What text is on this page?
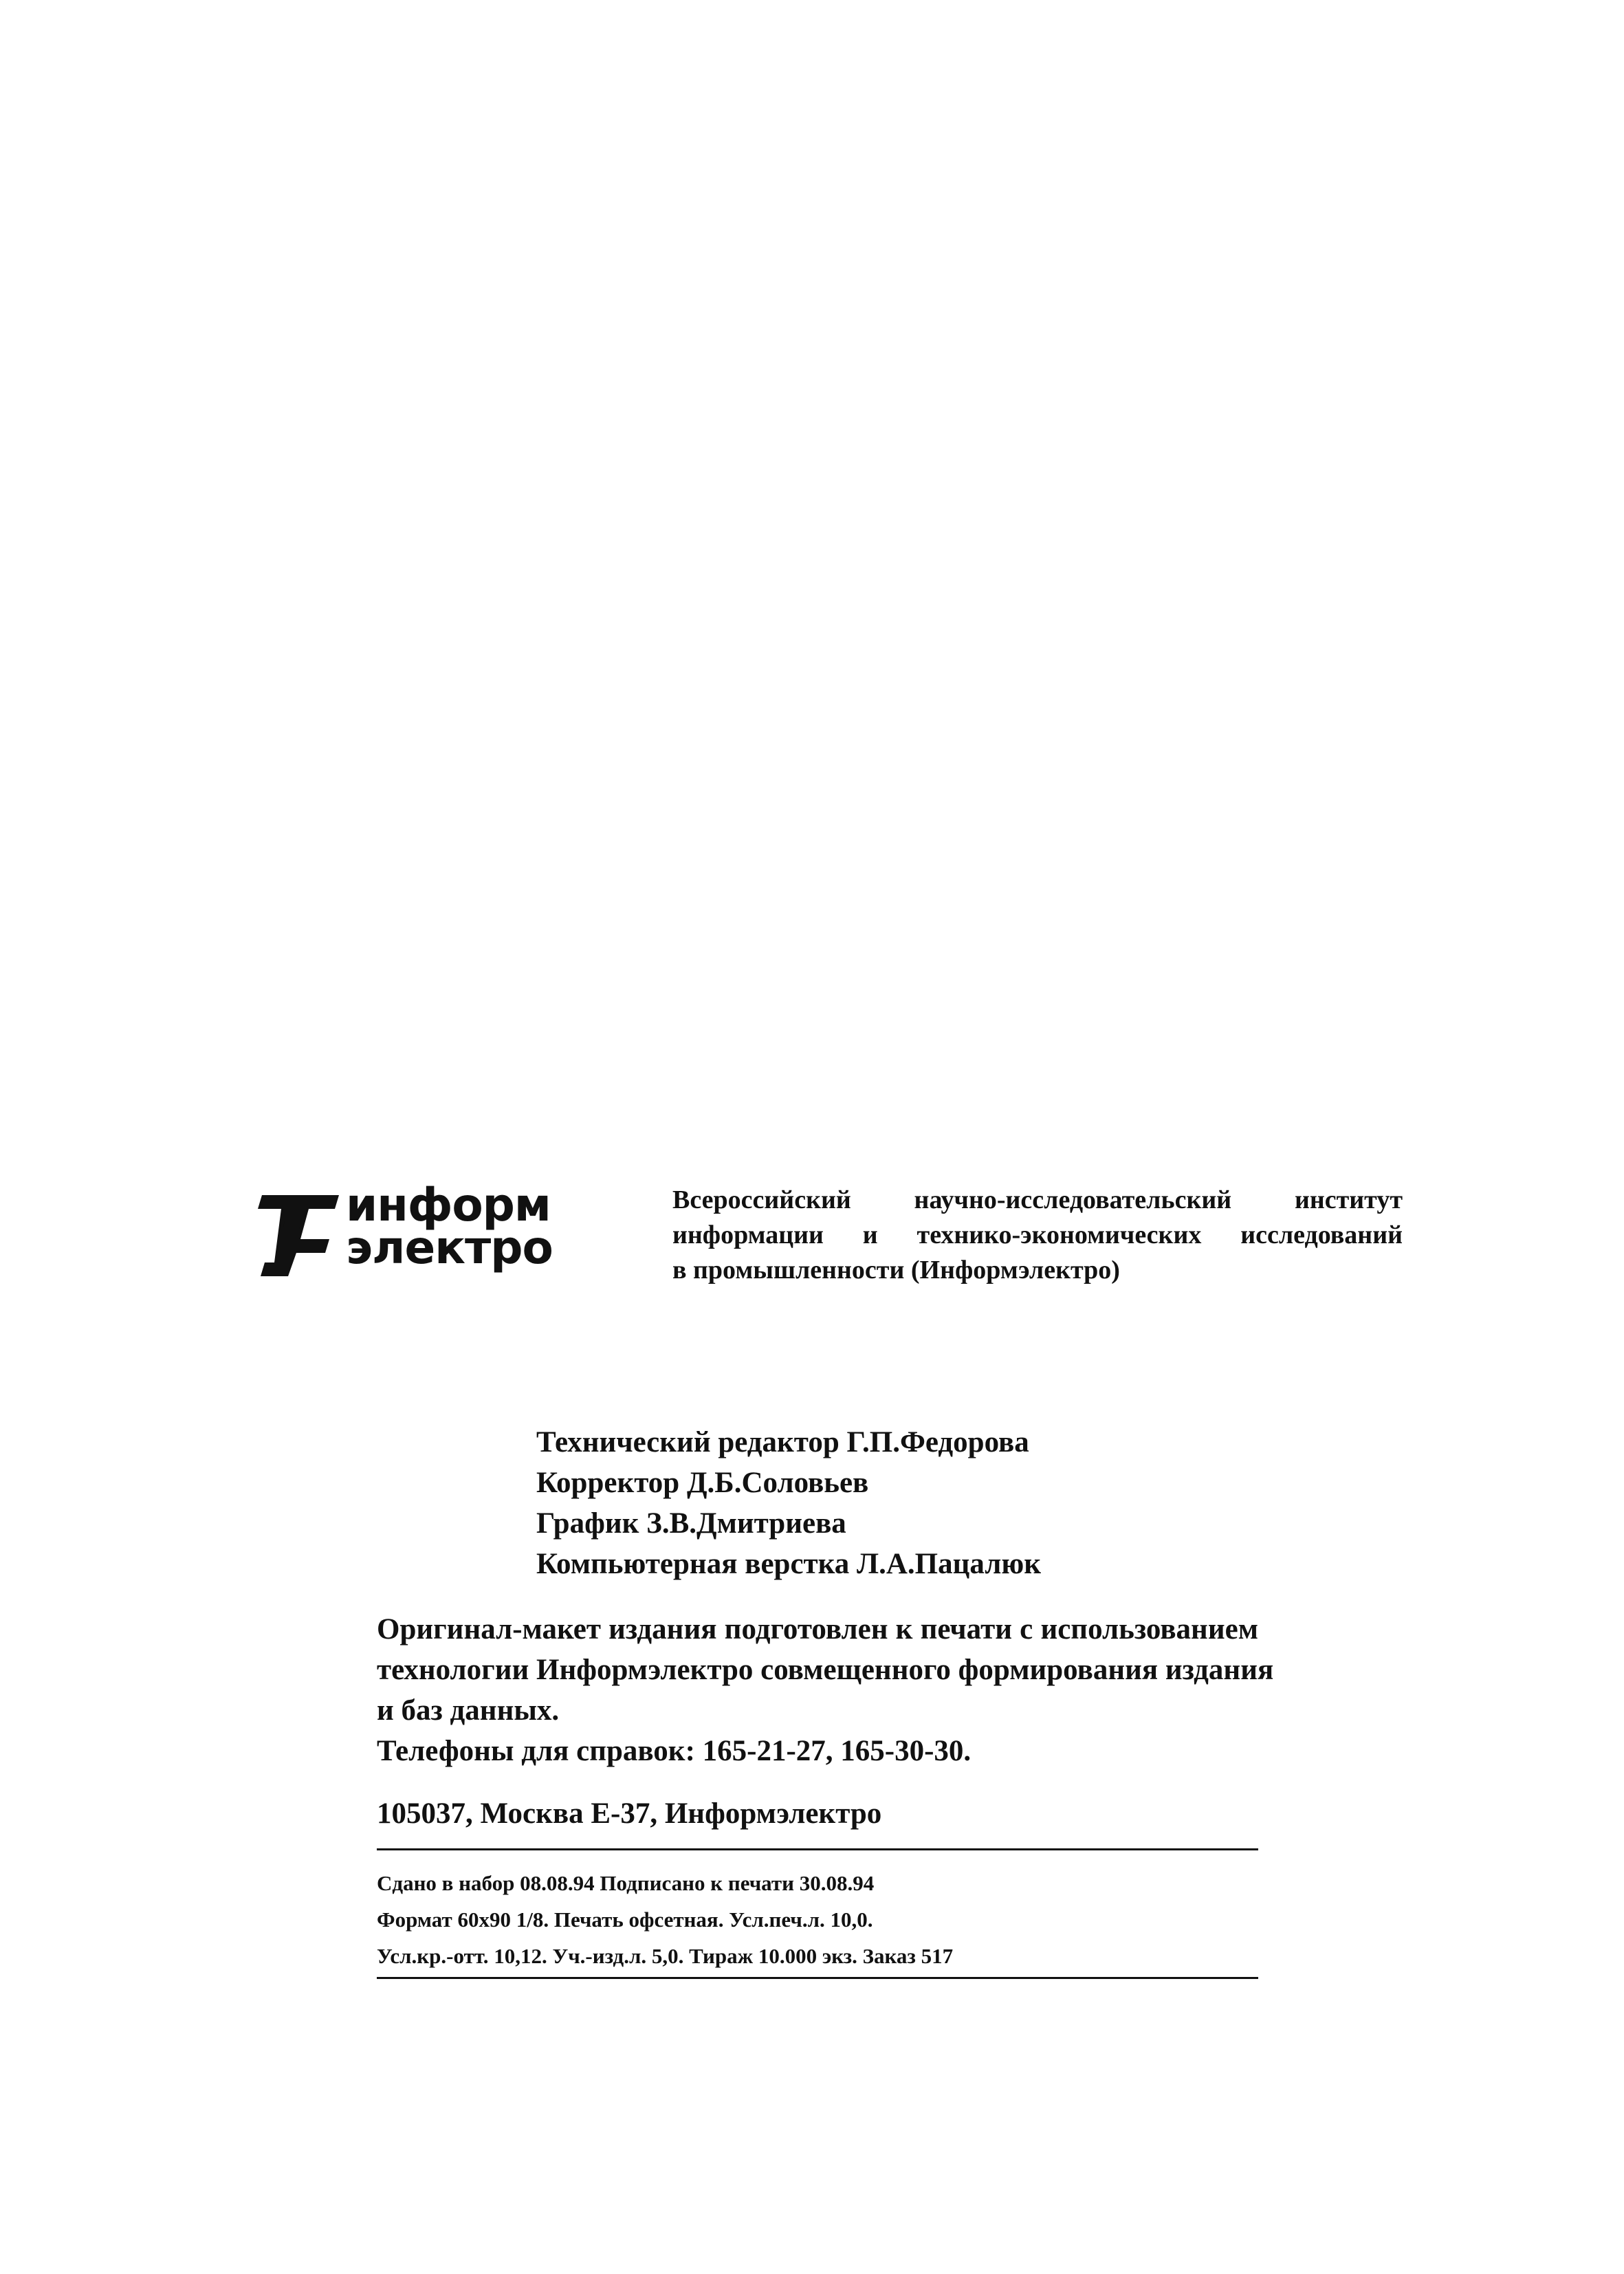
информ
электро
Всероссийский научно-исследовательский институт
информации и технико-экономических исследований
в промышленности (Информэлектро)
Технический редактор Г.П.Федорова
Корректор Д.Б.Соловьев
График З.В.Дмитриева
Компьютерная верстка Л.А.Пацалюк
Оригинал-макет издания подготовлен к печати с использованием
технологии Информэлектро совмещенного формирования издания
и баз данных.
Телефоны для справок: 165-21-27, 165-30-30.
105037, Москва Е-37, Информэлектро
Сдано в набор 08.08.94 Подписано к печати 30.08.94
Формат 60х90 1/8. Печать офсетная. Усл.печ.л. 10,0.
Усл.кр.-отт. 10,12. Уч.-изд.л. 5,0. Тираж 10.000 экз. Заказ 517
